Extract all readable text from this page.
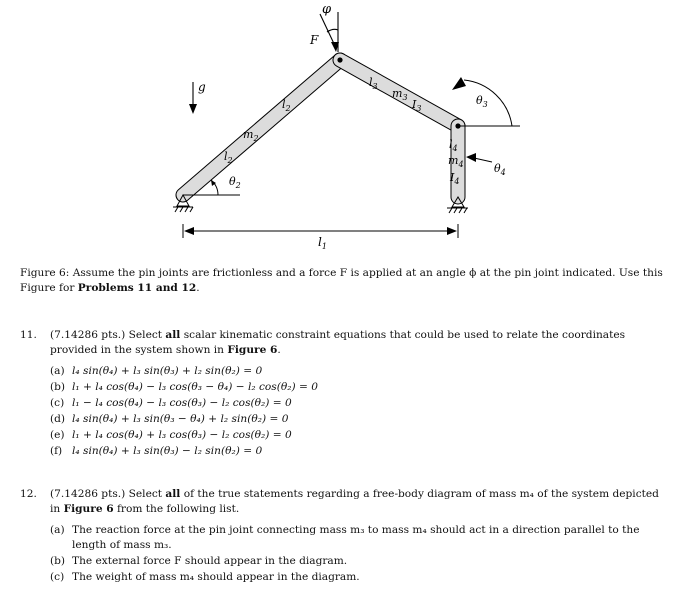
φ
F
g
$l_2$
$m_2$
$l_2$
$\theta_2$
$l_3$
$m_3$
$I_3$
$\theta_3$
$l_4$
$m_4$
$I_4$
$\theta_4$
$l_1$
Figure 6: Assume the pin joints are frictionless and a force F is applied at an angle ϕ at the pin joint indicated. Use this Figure for Problems 11 and 12.
11.	(7.14286 pts.) Select all scalar kinematic constraint equations that could be used to relate the coordinates provided in the system shown in Figure 6.
(a) l₄ sin(θ₄) + l₃ sin(θ₃) + l₂ sin(θ₂) = 0
(b) l₁ + l₄ cos(θ₄) − l₃ cos(θ₃ − θ₄) − l₂ cos(θ₂) = 0
(c) l₁ − l₄ cos(θ₄) − l₃ cos(θ₃) − l₂ cos(θ₂) = 0
(d) l₄ sin(θ₄) + l₃ sin(θ₃ − θ₄) + l₂ sin(θ₂) = 0
(e) l₁ + l₄ cos(θ₄) + l₃ cos(θ₃) − l₂ cos(θ₂) = 0
(f) l₄ sin(θ₄) + l₃ sin(θ₃) − l₂ sin(θ₂) = 0
12.	(7.14286 pts.) Select all of the true statements regarding a free-body diagram of mass m₄ of the system depicted in Figure 6 from the following list.
(a) The reaction force at the pin joint connecting mass m₃ to mass m₄ should act in a direction parallel to the length of mass m₃.
(b) The external force F should appear in the diagram.
(c) The weight of mass m₄ should appear in the diagram.
